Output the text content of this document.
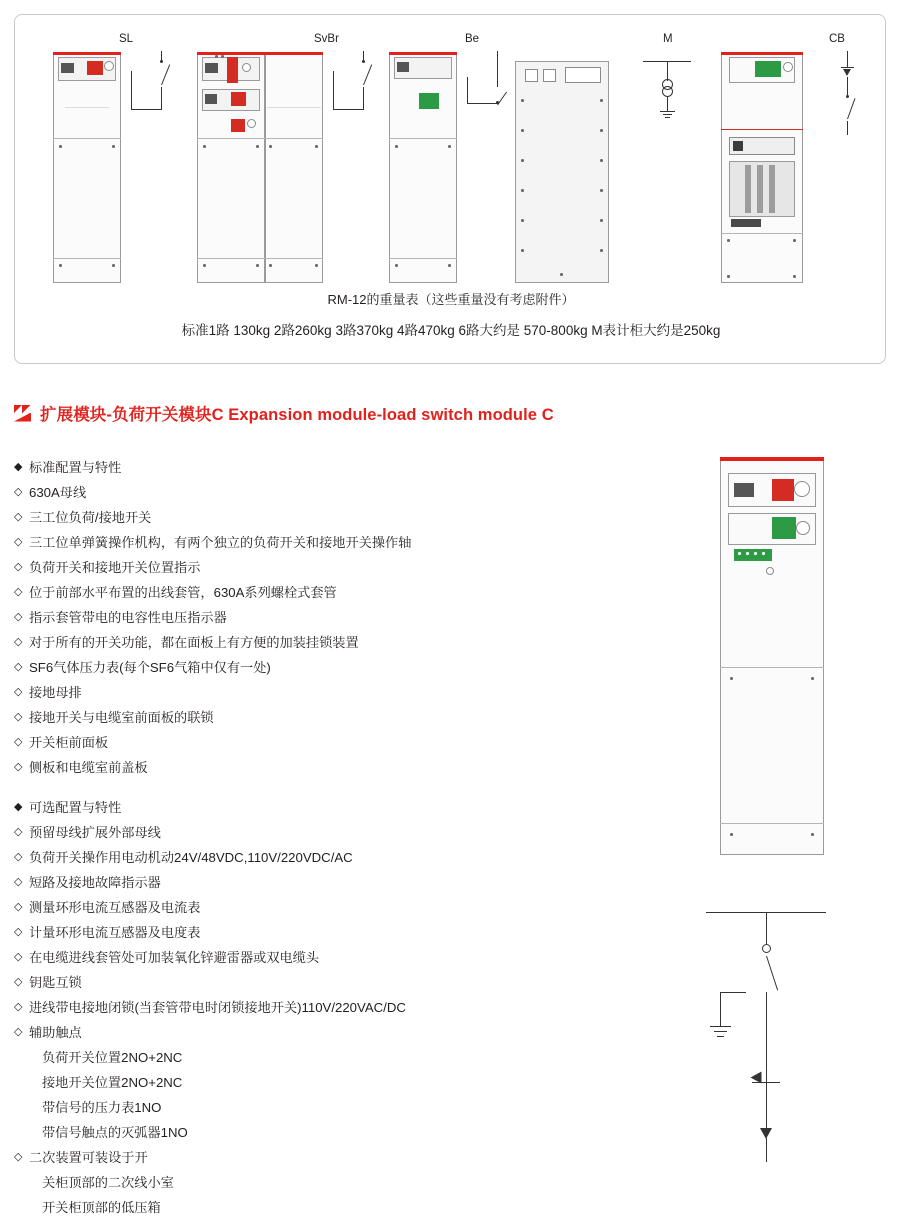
SL	SvBr	Be	M	CB
RM-12的重量表（这些重量没有考虑附件）
标准1路 130kg 2路260kg 3路370kg 4路470kg 6路大约是 570-800kg M表计柜大约是250kg
扩展模块-负荷开关模块C Expansion module-load switch module C
◆ 标准配置与特性
◇ 630A母线
◇ 三工位负荷/接地开关
◇ 三工位单弹簧操作机构，有两个独立的负荷开关和接地开关操作轴
◇ 负荷开关和接地开关位置指示
◇ 位于前部水平布置的出线套管，630A系列螺栓式套管
◇ 指示套管带电的电容性电压指示器
◇ 对于所有的开关功能，都在面板上有方便的加装挂锁装置
◇ SF6气体压力表(每个SF6气箱中仅有一处)
◇ 接地母排
◇ 接地开关与电缆室前面板的联锁
◇ 开关柜前面板
◇ 侧板和电缆室前盖板
◆ 可选配置与特性
◇ 预留母线扩展外部母线
◇ 负荷开关操作用电动机动24V/48VDC,110V/220VDC/AC
◇ 短路及接地故障指示器
◇ 测量环形电流互感器及电流表
◇ 计量环形电流互感器及电度表
◇ 在电缆进线套管处可加装氧化锌避雷器或双电缆头
◇ 钥匙互锁
◇ 进线带电接地闭锁(当套管带电时闭锁接地开关)110V/220VAC/DC
◇ 辅助触点
负荷开关位置2NO+2NC
接地开关位置2NO+2NC
带信号的压力表1NO
带信号触点的灭弧器1NO
◇ 二次装置可装设于开
关柜顶部的二次线小室
开关柜顶部的低压箱
